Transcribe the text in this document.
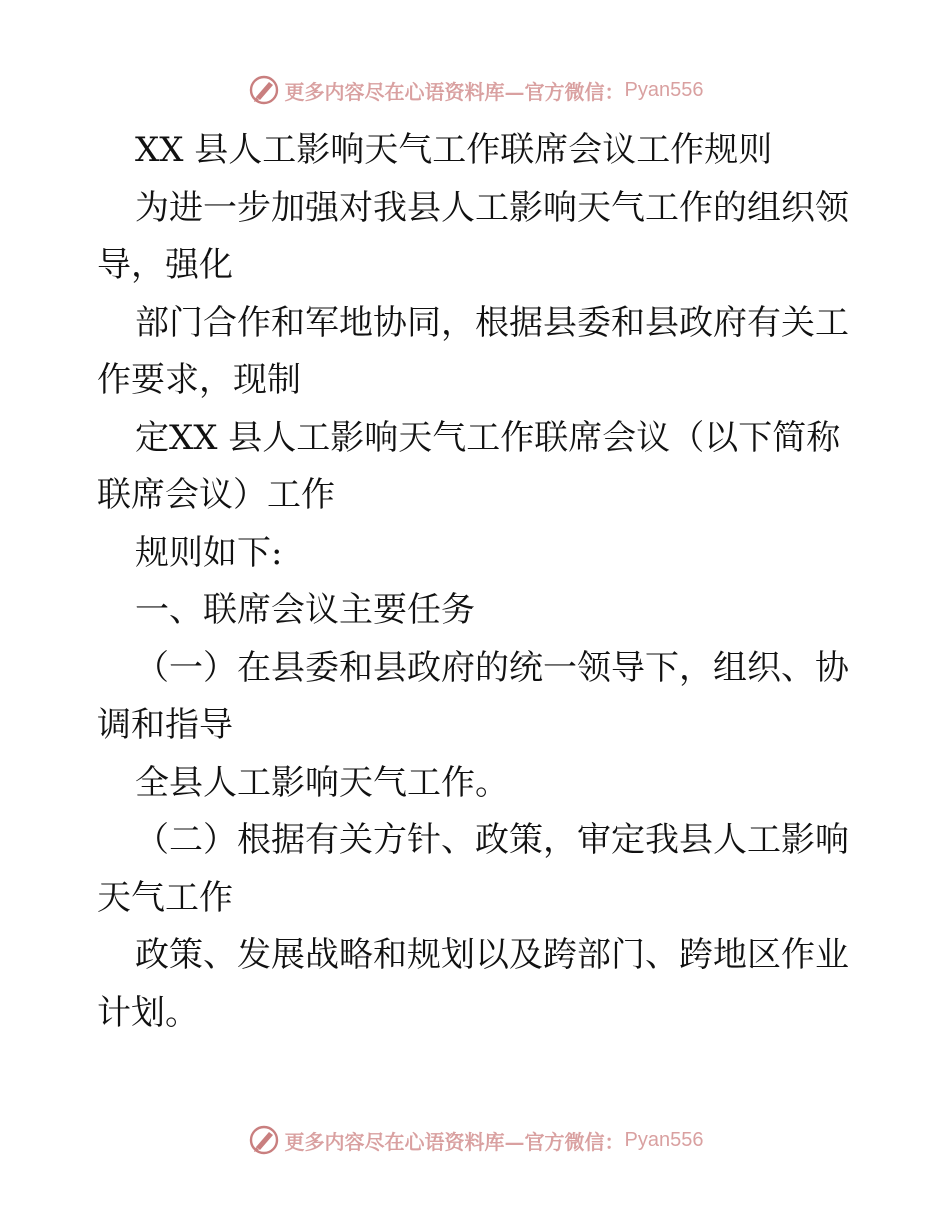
更多内容尽在心语资料库—官方微信： Pyan556
XX 县人工影响天气工作联席会议工作规则
为进一步加强对我县人工影响天气工作的组织领
导，强化
部门合作和军地协同，根据县委和县政府有关工
作要求，现制
定XX 县人工影响天气工作联席会议（以下简称
联席会议）工作
规则如下:
一、联席会议主要任务
（一）在县委和县政府的统一领导下，组织、协
调和指导
全县人工影响天气工作。
（二）根据有关方针、政策，审定我县人工影响
天气工作
政策、发展战略和规划以及跨部门、跨地区作业
计划。
更多内容尽在心语资料库—官方微信： Pyan556
